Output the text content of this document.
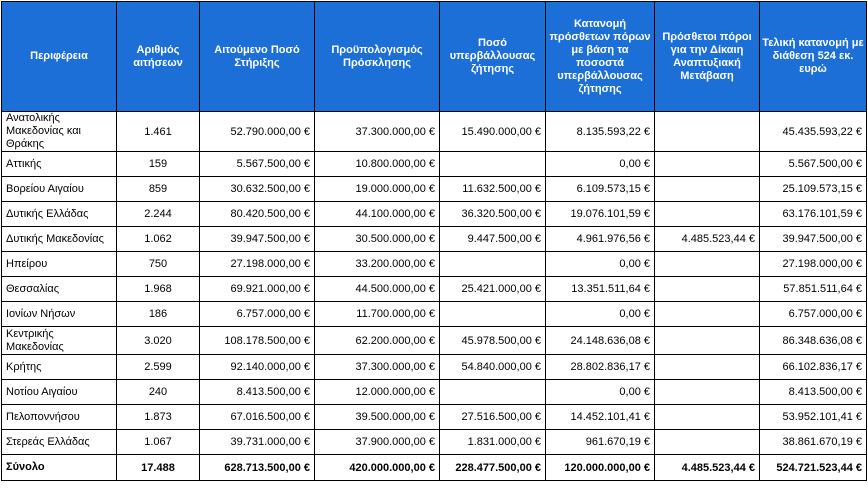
Περιφέρεια	Αριθμός αιτήσεων	Αιτούμενο Ποσό Στήριξης	Προϋπολογισμός Πρόσκλησης	Ποσό υπερβάλλουσας ζήτησης	Κατανομή πρόσθετων πόρων με βάση τα ποσοστά υπερβάλλουσας ζήτησης	Πρόσθετοι πόροι για την Δίκαιη Αναπτυξιακή Μετάβαση	Τελική κατανομή με διάθεση 524 εκ. ευρώ
Ανατολικής Μακεδονίας και Θράκης	1.461	52.790.000,00 €	37.300.000,00 €	15.490.000,00 €	8.135.593,22 €		45.435.593,22 €
Αττικής	159	5.567.500,00 €	10.800.000,00 €		0,00 €		5.567.500,00 €
Βορείου Αιγαίου	859	30.632.500,00 €	19.000.000,00 €	11.632.500,00 €	6.109.573,15 €		25.109.573,15 €
Δυτικής Ελλάδας	2.244	80.420.500,00 €	44.100.000,00 €	36.320.500,00 €	19.076.101,59 €		63.176.101,59 €
Δυτικής Μακεδονίας	1.062	39.947.500,00 €	30.500.000,00 €	9.447.500,00 €	4.961.976,56 €	4.485.523,44 €	39.947.500,00 €
Ηπείρου	750	27.198.000,00 €	33.200.000,00 €		0,00 €		27.198.000,00 €
Θεσσαλίας	1.968	69.921.000,00 €	44.500.000,00 €	25.421.000,00 €	13.351.511,64 €		57.851.511,64 €
Ιονίων Νήσων	186	6.757.000,00 €	11.700.000,00 €		0,00 €		6.757.000,00 €
Κεντρικής Μακεδονίας	3.020	108.178.500,00 €	62.200.000,00 €	45.978.500,00 €	24.148.636,08 €		86.348.636,08 €
Κρήτης	2.599	92.140.000,00 €	37.300.000,00 €	54.840.000,00 €	28.802.836,17 €		66.102.836,17 €
Νοτίου Αιγαίου	240	8.413.500,00 €	12.000.000,00 €		0,00 €		8.413.500,00 €
Πελοποννήσου	1.873	67.016.500,00 €	39.500.000,00 €	27.516.500,00 €	14.452.101,41 €		53.952.101,41 €
Στερεάς Ελλάδας	1.067	39.731.000,00 €	37.900.000,00 €	1.831.000,00 €	961.670,19 €		38.861.670,19 €
Σύνολο	17.488	628.713.500,00 €	420.000.000,00 €	228.477.500,00 €	120.000.000,00 €	4.485.523,44 €	524.721.523,44 €
